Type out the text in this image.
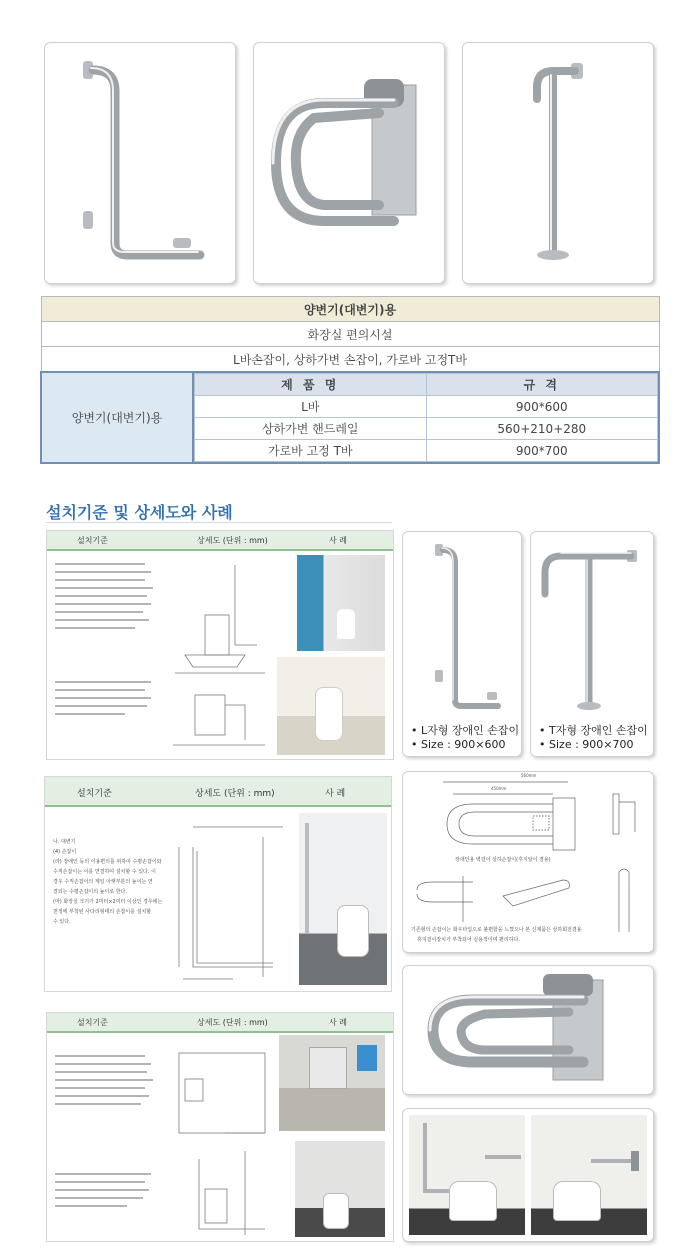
양변기(대변기)용
화장실 편의시설
L바손잡이, 상하가변 손잡이, 가로바 고정T바
양변기(대변기)용	
제 품 명	규 격
L바	900*600
상하가변 핸드레일	560+210+280
가로바 고정 T바	900*700
설치기준 및 상세도와 사례
설치기준	상세도 (단위 : mm)	사 례
설치기준	상세도 (단위 : mm)	사 례
나. 대변기
(4) 손잡이
(라) 장애인 등의 이용편의를 위하여 수평손잡이와
수직손잡이는 이를 연결하여 설치할 수 있다. 이
경우 수직손잡이의 제일 아랫부분의 높이는 연
결되는 수평손잡이의 높이로 한다.
(마) 화장실 크기가 2미터×2미터 이상인 경우에는
천정에 부착된 사다리형태의 손잡이를 설치할
수 있다.
설치기준	상세도 (단위 : mm)	사 례
• L자형 장애인 손잡이
• Size : 900×600
• T자형 장애인 손잡이
• Size : 900×700
560mm
450mm
장애인용 벽걸이 상하손잡이(후지알이 겸용)
기존형의 손잡이는 화우타입으로 불편함을 느꼈으나 본 신제품은 상하회전겸용
휴지걸이장치가 부착되어 실용적이며 편리하다.
